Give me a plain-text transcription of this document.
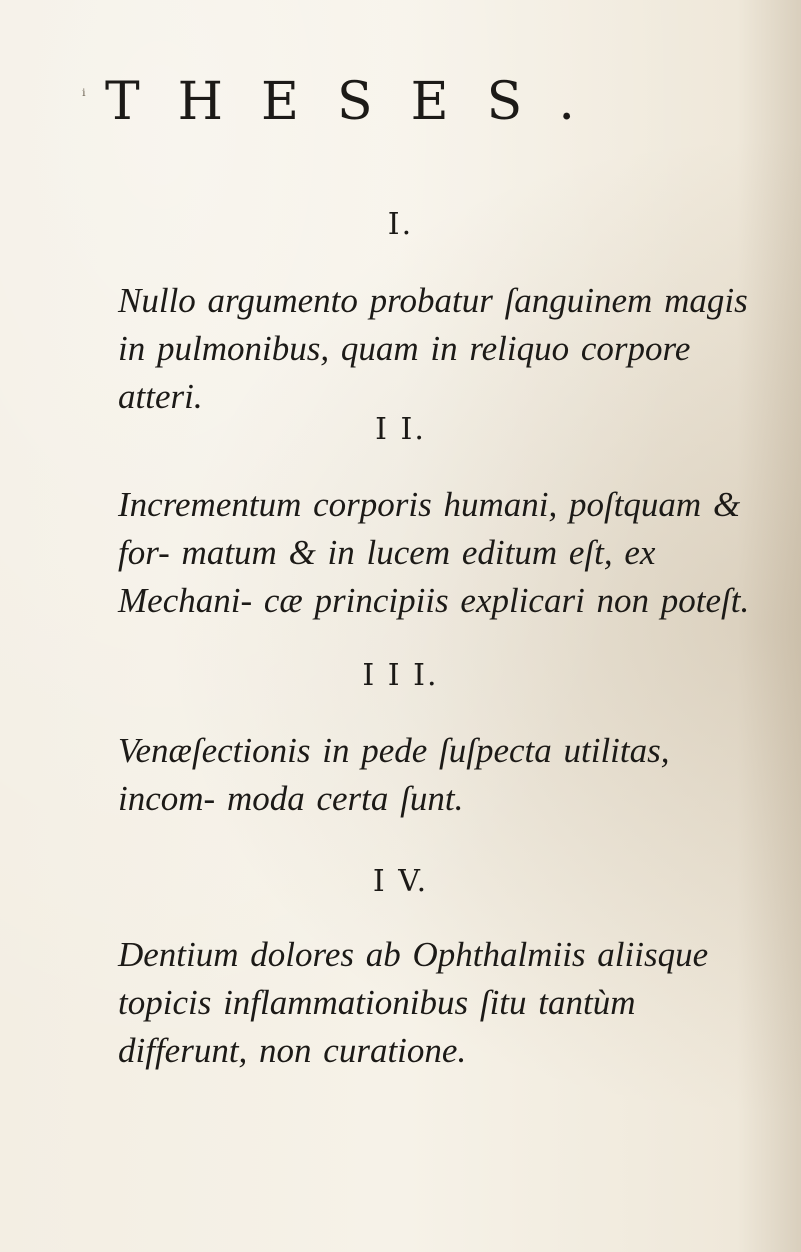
ⁱ THESES.
I.
Nullo argumento probatur ſanguinem magis in pulmonibus, quam in reliquo corpore atteri.
I I.
Incrementum corporis humani, poſtquam & for- matum & in lucem editum eſt, ex Mechani- cæ principiis explicari non poteſt.
I I I.
Venæſectionis in pede ſuſpecta utilitas, incom- moda certa ſunt.
I V.
Dentium dolores ab Ophthalmiis aliisque topicis inflammationibus ſitu tantùm differunt, non curatione.
